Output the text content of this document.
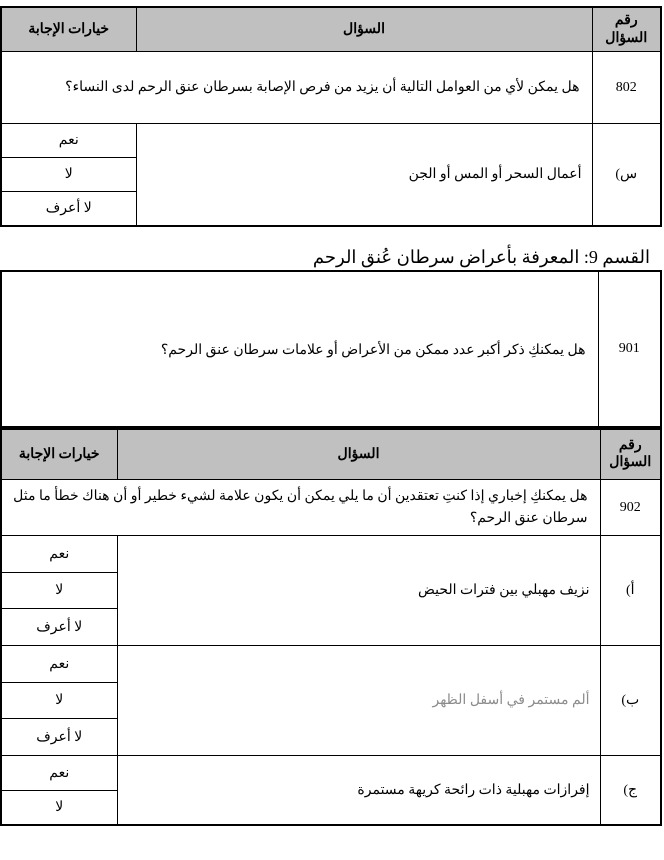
رقم السؤال	السؤال	خيارات الإجابة
802	هل يمكن لأي من العوامل التالية أن يزيد من فرص الإصابة بسرطان عنق الرحم لدى النساء؟	
س)	أعمال السحر أو المس أو الجن	نعم
		لا
		لا أعرف
القسم 9: المعرفة بأعراض سرطان عُنق الرحم
901	هل يمكنكِ ذكر أكبر عدد ممكن من الأعراض أو علامات سرطان عنق الرحم؟
رقم السؤال	السؤال	خيارات الإجابة
902	هل يمكنكِ إخباري إذا كنتِ تعتقدين أن ما يلي يمكن أن يكون علامة لشيء خطير أو أن هناك خطأ ما مثل سرطان عنق الرحم؟	
أ)	نزيف مهبلي بين فترات الحيض	نعم
		لا
		لا أعرف
ب)	ألم مستمر في أسفل الظهر	نعم
		لا
		لا أعرف
ج)	إفرازات مهبلية ذات رائحة كريهة مستمرة	نعم
		لا
